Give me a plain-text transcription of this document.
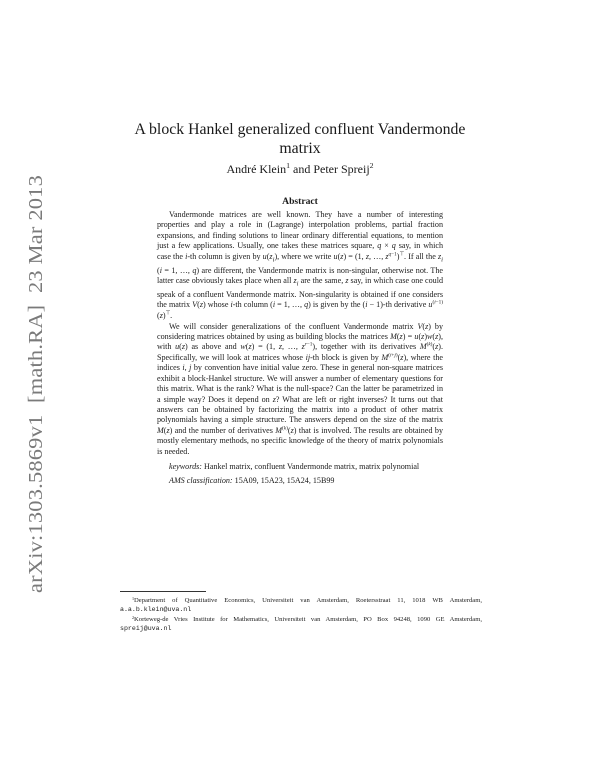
arXiv:1303.5869v1  [math.RA]  23 Mar 2013
A block Hankel generalized confluent Vandermonde
matrix
André Klein$^1$ and Peter Spreij$^2$
Abstract

Vandermonde matrices are well known. They have a number of interesting properties and play a role in (Lagrange) interpolation problems, partial fraction expansions, and finding solutions to linear ordinary differential equations, to mention just a few applications. Usually, one takes these matrices square, q × q say, in which case the i-th column is given by $u(z_i)$, where we write u(z) = (1, z, …, $z^{q-1})^⊤$. If all the $z_i$ (i = 1, …, q) are different, the Vandermonde matrix is non-singular, otherwise not. The latter case obviously takes place when all $z_i$ are the same, z say, in which case one could speak of a confluent Vandermonde matrix. Non-singularity is obtained if one considers the matrix V(z) whose i-th column (i = 1, …, q) is given by the (i − 1)-th derivative $u^{(i-1)}(z)^⊤$.

We will consider generalizations of the confluent Vandermonde matrix V(z) by considering matrices obtained by using as building blocks the matrices M(z) = u(z)w(z), with u(z) as above and w(z) = (1, z, …, $z^{r-1}$), together with its derivatives $M^{(k)}(z)$. Specifically, we will look at matrices whose ij-th block is given by $M^{(i+j)}(z)$, where the indices i, j by convention have initial value zero. These in general non-square matrices exhibit a block-Hankel structure. We will answer a number of elementary questions for this matrix. What is the rank? What is the null-space? Can the latter be parametrized in a simple way? Does it depend on z? What are left or right inverses? It turns out that answers can be obtained by factorizing the matrix into a product of other matrix polynomials having a simple structure. The answers depend on the size of the matrix M(z) and the number of derivatives $M^{(k)}(z)$ that is involved. The results are obtained by mostly elementary methods, no specific knowledge of the theory of matrix polynomials is needed.

keywords: Hankel matrix, confluent Vandermonde matrix, matrix polynomial

AMS classification: 15A09, 15A23, 15A24, 15B99

$^1$Department of Quantitative Economics, Universiteit van Amsterdam, Roetersstraat 11, 1018 WB Amsterdam, a.a.b.klein@uva.nl

$^2$Korteweg-de Vries Institute for Mathematics, Universiteit van Amsterdam, PO Box 94248, 1090 GE Amsterdam, spreij@uva.nl
